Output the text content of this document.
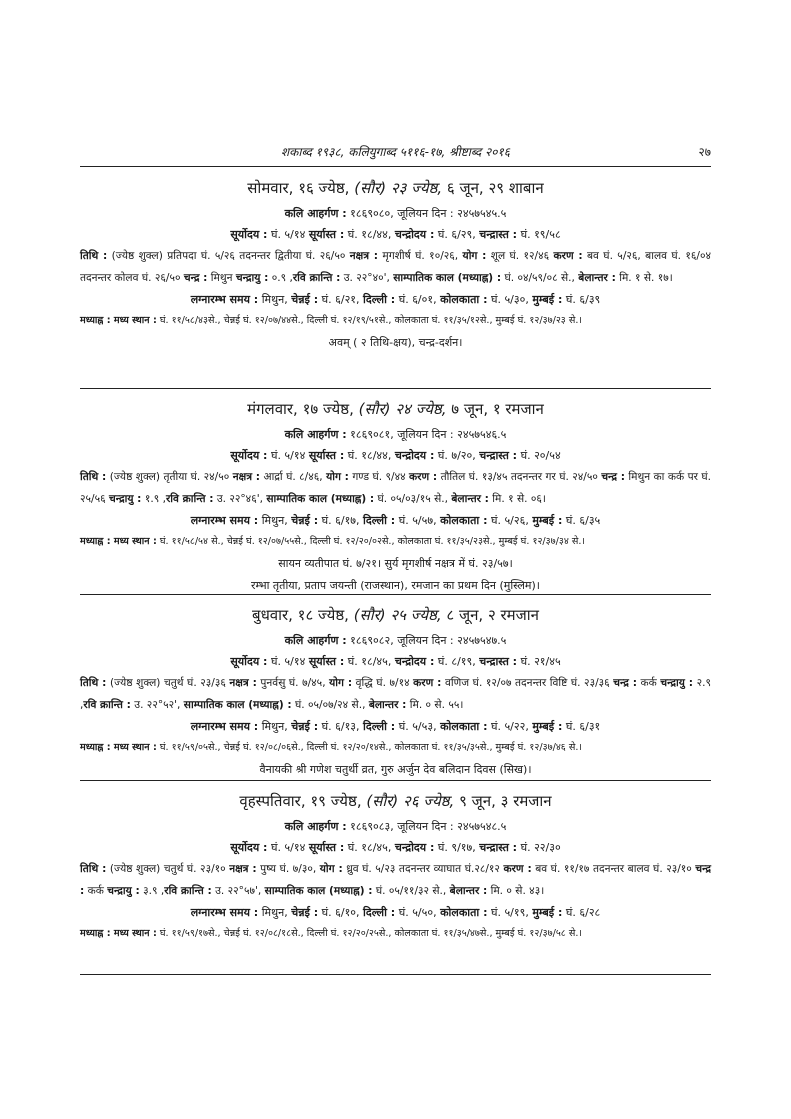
शकाब्द १९३८, कलियुगाब्द ५११६-१७, श्रीष्टाब्द २०१६	२७
सोमवार, १६ ज्येष्ठ, (सौर) २३ ज्येष्ठ, ६ जून, २९ शाबान
कलि आहर्गण : १८६९०८०, जूलियन दिन : २४५७५४५.५
सूर्योदय : घं. ५/१४ सूर्यास्त : घं. १८/४४, चन्द्रोदय : घं. ६/२९, चन्द्रास्त : घं. १९/५८
तिथि : (ज्येष्ठ शुक्ल) प्रतिपदा घं. ५/२६ तदनन्तर द्वितीया घं. २६/५० नक्षत्र : मृगशीर्ष घं. १०/२६, योग : शूल घं. १२/४६ करण : बव घं. ५/२६, बालव घं. १६/०४ तदनन्तर कोलव घं. २६/५० चन्द्र : मिथुन चन्द्रायु : ०.९ ,रवि क्रान्ति : उ. २२°४०', साम्पातिक काल (मध्याह्न) : घं. ०४/५९/०८ से., बेलान्तर : मि. १ से. १७।
लग्नारम्भ समय : मिथुन, चेन्नई : घं. ६/२१, दिल्ली : घं. ६/०१, कोलकाता : घं. ५/३०, मुम्बई : घं. ६/३९
मध्याह्न : मध्य स्थान : घं. ११/५८/४३से., चेन्नई घं. १२/०७/४४से., दिल्ली घं. १२/१९/५१से., कोलकाता घं. ११/३५/१२से., मुम्बई घं. १२/३७/२३ से.।
अवम् ( २ तिथि-क्षय), चन्द्र-दर्शन।
मंगलवार, १७ ज्येष्ठ, (सौर) २४ ज्येष्ठ, ७ जून, १ रमजान
कलि आहर्गण : १८६९०८१, जूलियन दिन : २४५७५४६.५
सूर्योदय : घं. ५/१४ सूर्यास्त : घं. १८/४४, चन्द्रोदय : घं. ७/२०, चन्द्रास्त : घं. २०/५४
तिथि : (ज्येष्ठ शुक्ल) तृतीया घं. २४/५० नक्षत्र : आर्द्रा घं. ८/४६, योग : गण्ड घं. ९/४४ करण : तौतिल घं. १३/४५ तदनन्तर गर घं. २४/५० चन्द्र : मिथुन का कर्क पर घं. २५/५६ चन्द्रायु : १.९ ,रवि क्रान्ति : उ. २२°४६', साम्पातिक काल (मध्याह्न) : घं. ०५/०३/१५ से., बेलान्तर : मि. १ से. ०६।
लग्नारम्भ समय : मिथुन, चेन्नई : घं. ६/१७, दिल्ली : घं. ५/५७, कोलकाता : घं. ५/२६, मुम्बई : घं. ६/३५
मध्याह्न : मध्य स्थान : घं. ११/५८/५४ से., चेन्नई घं. १२/०७/५५से., दिल्ली घं. १२/२०/०२से., कोलकाता घं. ११/३५/२३से., मुम्बई घं. १२/३७/३४ से.।
सायन व्यतीपात घं. ७/२१। सुर्य मृगशीर्ष नक्षत्र में घं. २३/५७।
रम्भा तृतीया, प्रताप जयन्ती (राजस्थान), रमजान का प्रथम दिन (मुस्लिम)।
बुधवार, १८ ज्येष्ठ, (सौर) २५ ज्येष्ठ, ८ जून, २ रमजान
कलि आहर्गण : १८६९०८२, जूलियन दिन : २४५७५४७.५
सूर्योदय : घं. ५/१४ सूर्यास्त : घं. १८/४५, चन्द्रोदय : घं. ८/१९, चन्द्रास्त : घं. २१/४५
तिथि : (ज्येष्ठ शुक्ल) चतुर्थ घं. २३/३६ नक्षत्र : पुनर्वसु घं. ७/४५, योग : वृद्धि घं. ७/१४ करण : वणिज घं. १२/०७ तदनन्तर विष्टि घं. २३/३६ चन्द्र : कर्क चन्द्रायु : २.९ ,रवि क्रान्ति : उ. २२°५२', साम्पातिक काल (मध्याह्न) : घं. ०५/०७/२४ से., बेलान्तर : मि. ० से. ५५।
लग्नारम्भ समय : मिथुन, चेन्नई : घं. ६/१३, दिल्ली : घं. ५/५३, कोलकाता : घं. ५/२२, मुम्बई : घं. ६/३१
मध्याह्न : मध्य स्थान : घं. ११/५९/०५से., चेन्नई घं. १२/०८/०६से., दिल्ली घं. १२/२०/१४से., कोलकाता घं. ११/३५/३५से., मुम्बई घं. १२/३७/४६ से.।
वैनायकी श्री गणेश चतुर्थी व्रत, गुरु अर्जुन देव बलिदान दिवस (सिख)।
वृहस्पतिवार, १९ ज्येष्ठ, (सौर) २६ ज्येष्ठ, ९ जून, ३ रमजान
कलि आहर्गण : १८६९०८३, जूलियन दिन : २४५७५४८.५
सूर्योदय : घं. ५/१४ सूर्यास्त : घं. १८/४५, चन्द्रोदय : घं. ९/१७, चन्द्रास्त : घं. २२/३०
तिथि : (ज्येष्ठ शुक्ल) चतुर्थ घं. २३/१० नक्षत्र : पुष्य घं. ७/३०, योग : ध्रुव घं. ५/२३ तदनन्तर व्याघात घं.२८/१२ करण : बव घं. ११/१७ तदनन्तर बालव घं. २३/१० चन्द्र : कर्क चन्द्रायु : ३.९ ,रवि क्रान्ति : उ. २२°५७', साम्पातिक काल (मध्याह्न) : घं. ०५/११/३२ से., बेलान्तर : मि. ० से. ४३।
लग्नारम्भ समय : मिथुन, चेन्नई : घं. ६/१०, दिल्ली : घं. ५/५०, कोलकाता : घं. ५/१९, मुम्बई : घं. ६/२८
मध्याह्न : मध्य स्थान : घं. ११/५९/१७से., चेन्नई घं. १२/०८/१८से., दिल्ली घं. १२/२०/२५से., कोलकाता घं. ११/३५/४७से., मुम्बई घं. १२/३७/५८ से.।
